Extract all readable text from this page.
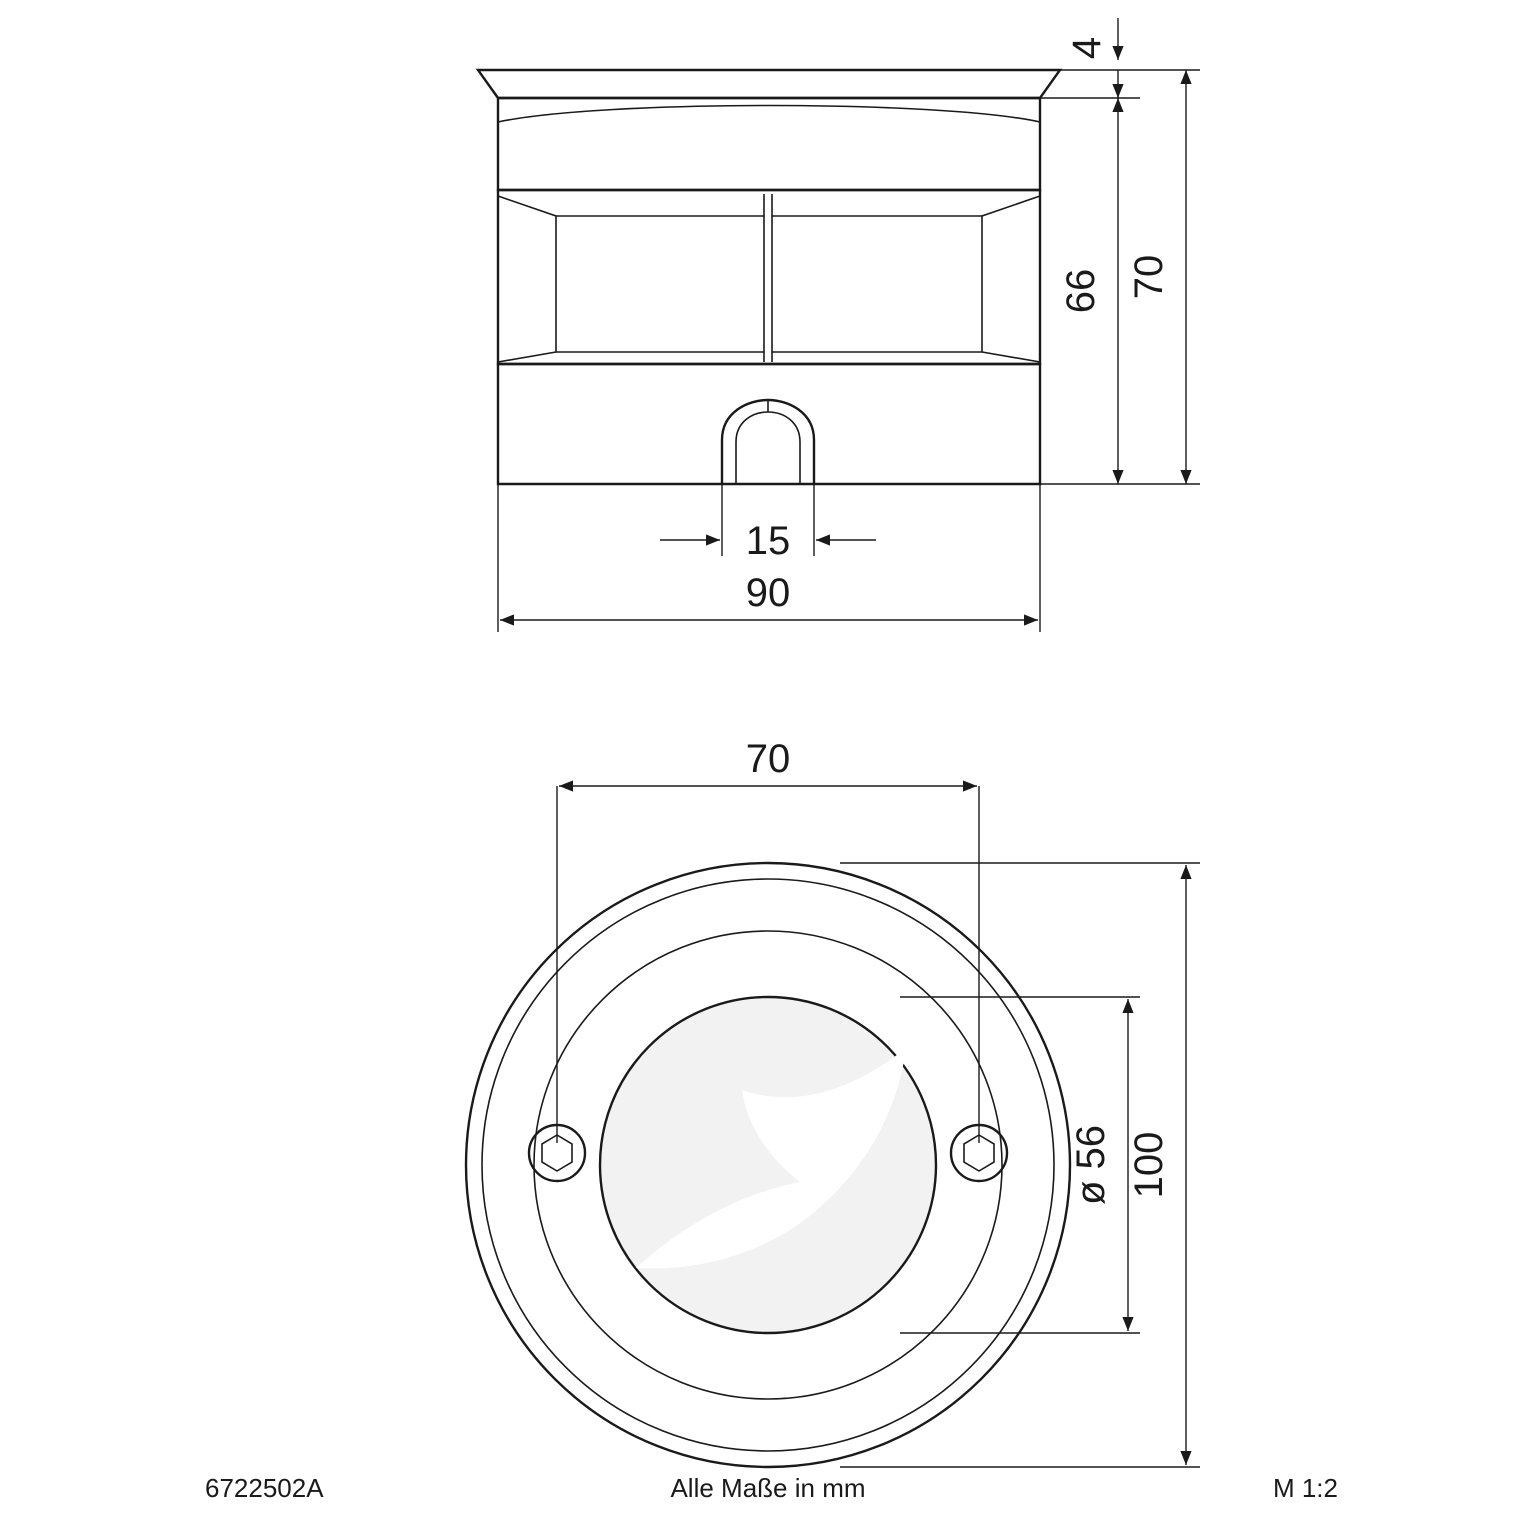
4
66 70
15
90
70
ø 56 100
6722502A	Alle Maße in mm	M 1:2
